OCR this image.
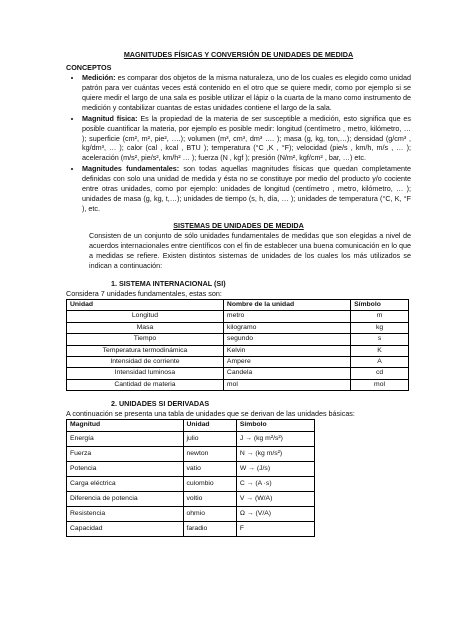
MAGNITUDES FÍSICAS Y CONVERSIÓN DE UNIDADES DE MEDIDA
CONCEPTOS
• Medición: es comparar dos objetos de la misma naturaleza, uno de los cuales es elegido como unidad patrón para ver cuántas veces está contenido en el otro que se quiere medir, como por ejemplo si se quiere medir el largo de una sala es posible utilizar el lápiz o la cuarta de la mano como instrumento de medición y contabilizar cuantas de estas unidades contiene el largo de la sala.
• Magnitud física: Es la propiedad de la materia de ser susceptible a medición, esto significa que es posible cuantificar la materia, por ejemplo es posible medir: longitud (centímetro , metro, kilómetro, … ); superficie (cm², m², pie², ….); volumen (m³, cm³, dm³ …. ); masa (g, kg, ton,…); densidad (g/cm³ , kg/dm³, … ); calor (cal , kcal , BTU ); temperatura (°C ,K , °F); velocidad (pie/s , km/h, m/s , … ); aceleración (m/s², pie/s², km/h² … ); fuerza (N , kgf ); presión (N/m², kgf/cm² , bar, …) etc.
• Magnitudes fundamentales: son todas aquellas magnitudes físicas que quedan completamente definidas con solo una unidad de medida y ésta no se constituye por medio del producto y/o cociente entre otras unidades, como por ejemplo: unidades de longitud (centímetro , metro, kilómetro, … ); unidades de masa (g, kg, t,…); unidades de tiempo (s, h, día, … ); unidades de temperatura (°C, K, °F ), etc.
SISTEMAS DE UNIDADES DE MEDIDA
Consisten de un conjunto de sólo unidades fundamentales de medidas que son elegidas a nivel de acuerdos internacionales entre científicos con el fin de establecer una buena comunicación en lo que a medidas se refiere. Existen distintos sistemas de unidades de los cuales los más utilizados se indican a continuación:
1. SISTEMA INTERNACIONAL (SI)
Considera 7 unidades fundamentales, estas son:
Unidad	Nombre de la unidad	Símbolo
Longitud	metro	m
Masa	kilogramo	kg
Tiempo	segundo	s
Temperatura termodinámica	Kelvin	K
Intensidad de corriente	Ampere	A
Intensidad luminosa	Candela	cd
Cantidad de materia	mol	mol
2. UNIDADES SI DERIVADAS
A continuación se presenta una tabla de unidades que se derivan de las unidades básicas:
Magnitud	Unidad	Símbolo
Energía	julio	J → (kg m²/s²)
Fuerza	newton	N → (kg m/s²)
Potencia	vatio	W → (J/s)
Carga eléctrica	culombio	C → (A ·s)
Diferencia de potencia	voltio	V → (W/A)
Resistencia	ohmio	Ω → (V/A)
Capacidad	faradio	F
